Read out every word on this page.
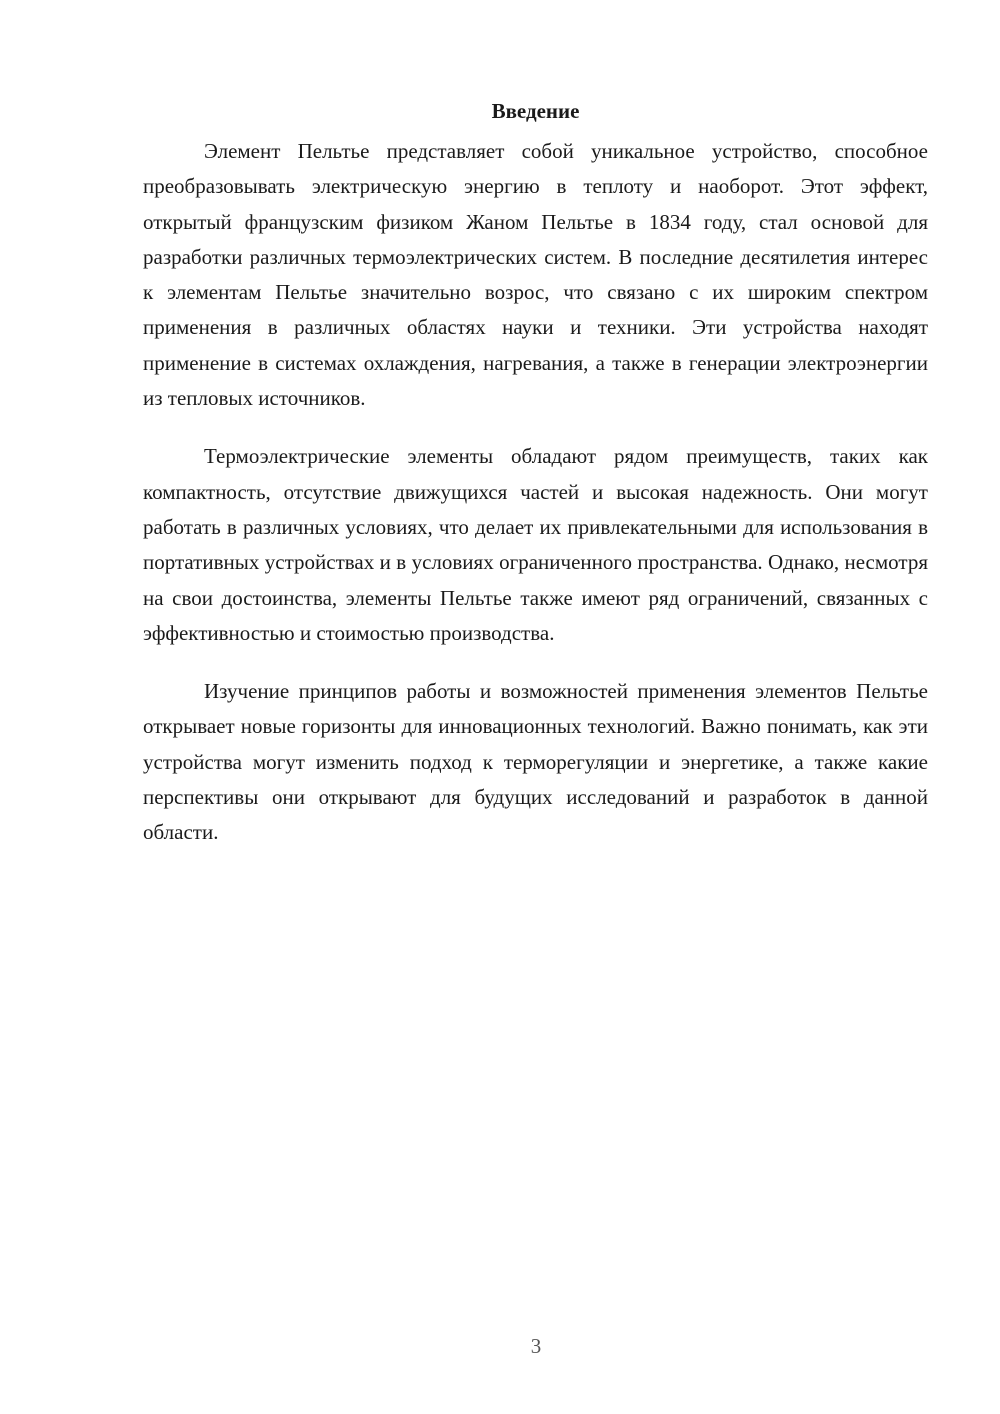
Введение

Элемент Пельтье представляет собой уникальное устройство, способное преобразовывать электрическую энергию в теплоту и наоборот. Этот эффект, открытый французским физиком Жаном Пельтье в 1834 году, стал основой для разработки различных термоэлектрических систем. В последние десятилетия интерес к элементам Пельтье значительно возрос, что связано с их широким спектром применения в различных областях науки и техники. Эти устройства находят применение в системах охлаждения, нагревания, а также в генерации электроэнергии из тепловых источников.

Термоэлектрические элементы обладают рядом преимуществ, таких как компактность, отсутствие движущихся частей и высокая надежность. Они могут работать в различных условиях, что делает их привлекательными для использования в портативных устройствах и в условиях ограниченного пространства. Однако, несмотря на свои достоинства, элементы Пельтье также имеют ряд ограничений, связанных с эффективностью и стоимостью производства.

Изучение принципов работы и возможностей применения элементов Пельтье открывает новые горизонты для инновационных технологий. Важно понимать, как эти устройства могут изменить подход к терморегуляции и энергетике, а также какие перспективы они открывают для будущих исследований и разработок в данной области.

3
